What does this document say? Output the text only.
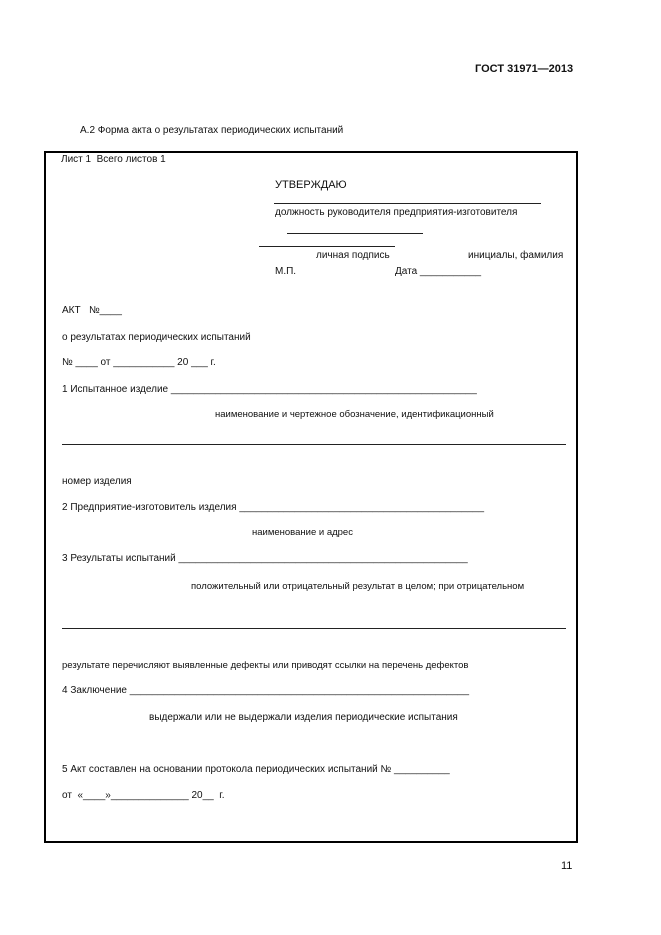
ГОСТ 31971—2013
А.2 Форма акта о результатах периодических испытаний
Лист 1  Всего листов 1
УТВЕРЖДАЮ
должность руководителя предприятия-изготовителя
личная подпись	инициалы, фамилия
М.П.	Дата ___________
АКТ   №____
о результатах периодических испытаний
№ ____ от ___________ 20 ___ г.
1 Испытанное изделие _______________________________________________________
наименование и чертежное обозначение, идентификационный
номер изделия
2 Предприятие-изготовитель изделия ____________________________________________
наименование и адрес
3 Результаты испытаний ____________________________________________________
положительный или отрицательный результат в целом; при отрицательном
результате перечисляют выявленные дефекты или приводят ссылки на перечень дефектов
4 Заключение _____________________________________________________________
выдержали или не выдержали изделия периодические испытания
5 Акт составлен на основании протокола периодических испытаний № __________
от  «____»______________ 20__  г.
11
